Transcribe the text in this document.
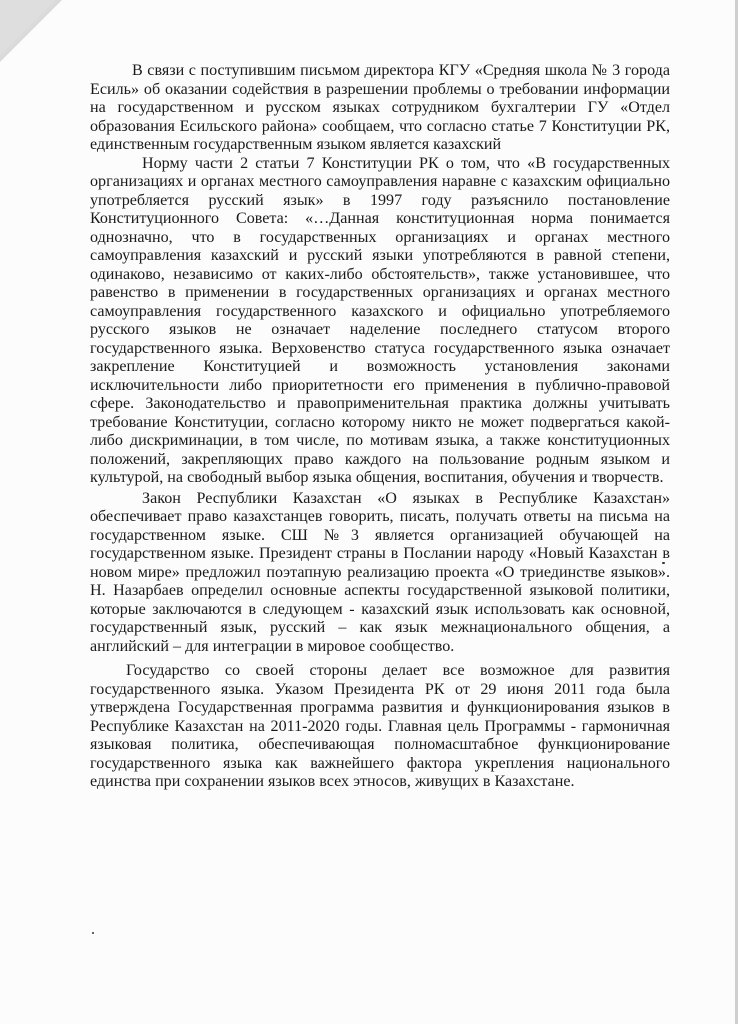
В связи с поступившим письмом директора КГУ «Средняя школа № 3 города Есиль» об оказании содействия в разрешении проблемы о требовании информации на государственном и русском языках сотрудником бухгалтерии ГУ «Отдел образования Есильского района» сообщаем, что согласно статье 7 Конституции РК, единственным государственным языком является казахский

Норму части 2 статьи 7 Конституции РК о том, что «В государственных организациях и органах местного самоуправления наравне с казахским официально употребляется русский язык» в 1997 году разъяснило постановление Конституционного Совета: «…Данная конституционная норма понимается однозначно, что в государственных организациях и органах местного самоуправления казахский и русский языки употребляются в равной степени, одинаково, независимо от каких-либо обстоятельств», также установившее, что равенство в применении в государственных организациях и органах местного самоуправления государственного казахского и официально употребляемого русского языков не означает наделение последнего статусом второго государственного языка. Верховенство статуса государственного языка означает закрепление Конституцией и возможность установления законами исключительности либо приоритетности его применения в публично-правовой сфере. Законодательство и правоприменительная практика должны учитывать требование Конституции, согласно которому никто не может подвергаться какой-либо дискриминации, в том числе, по мотивам языка, а также конституционных положений, закрепляющих право каждого на пользование родным языком и культурой, на свободный выбор языка общения, воспитания, обучения и творчеств.

Закон Республики Казахстан «О языках в Республике Казахстан» обеспечивает право казахстанцев говорить, писать, получать ответы на письма на государственном языке. СШ №3 является организацией обучающей на государственном языке. Президент страны в Послании народу «Новый Казахстан в новом мире» предложил поэтапную реализацию проекта «О триединстве языков». Н. Назарбаев определил основные аспекты государственной языковой политики, которые заключаются в следующем - казахский язык использовать как основной, государственный язык, русский – как язык межнационального общения, а английский – для интеграции в мировое сообщество.

Государство со своей стороны делает все возможное для развития государственного языка. Указом Президента РК от 29 июня 2011 года была утверждена Государственная программа развития и функционирования языков в Республике Казахстан на 2011-2020 годы. Главная цель Программы - гармоничная языковая политика, обеспечивающая полномасштабное функционирование государственного языка как важнейшего фактора укрепления национального единства при сохранении языков всех этносов, живущих в Казахстане.
